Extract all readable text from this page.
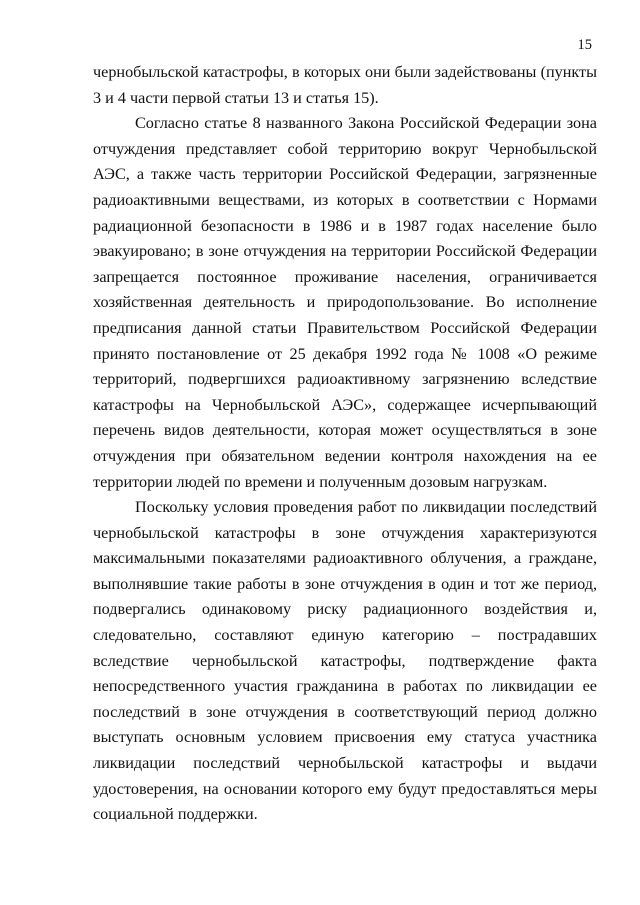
15

чернобыльской катастрофы, в которых они были задействованы (пункты 3 и 4 части первой статьи 13 и статья 15).

Согласно статье 8 названного Закона Российской Федерации зона отчуждения представляет собой территорию вокруг Чернобыльской АЭС, а также часть территории Российской Федерации, загрязненные радиоактивными веществами, из которых в соответствии с Нормами радиационной безопасности в 1986 и в 1987 годах население было эвакуировано; в зоне отчуждения на территории Российской Федерации запрещается постоянное проживание населения, ограничивается хозяйственная деятельность и природопользование. Во исполнение предписания данной статьи Правительством Российской Федерации принято постановление от 25 декабря 1992 года № 1008 «О режиме территорий, подвергшихся радиоактивному загрязнению вследствие катастрофы на Чернобыльской АЭС», содержащее исчерпывающий перечень видов деятельности, которая может осуществляться в зоне отчуждения при обязательном ведении контроля нахождения на ее территории людей по времени и полученным дозовым нагрузкам.

Поскольку условия проведения работ по ликвидации последствий чернобыльской катастрофы в зоне отчуждения характеризуются максимальными показателями радиоактивного облучения, а граждане, выполнявшие такие работы в зоне отчуждения в один и тот же период, подвергались одинаковому риску радиационного воздействия и, следовательно, составляют единую категорию – пострадавших вследствие чернобыльской катастрофы, подтверждение факта непосредственного участия гражданина в работах по ликвидации ее последствий в зоне отчуждения в соответствующий период должно выступать основным условием присвоения ему статуса участника ликвидации последствий чернобыльской катастрофы и выдачи удостоверения, на основании которого ему будут предоставляться меры социальной поддержки.
